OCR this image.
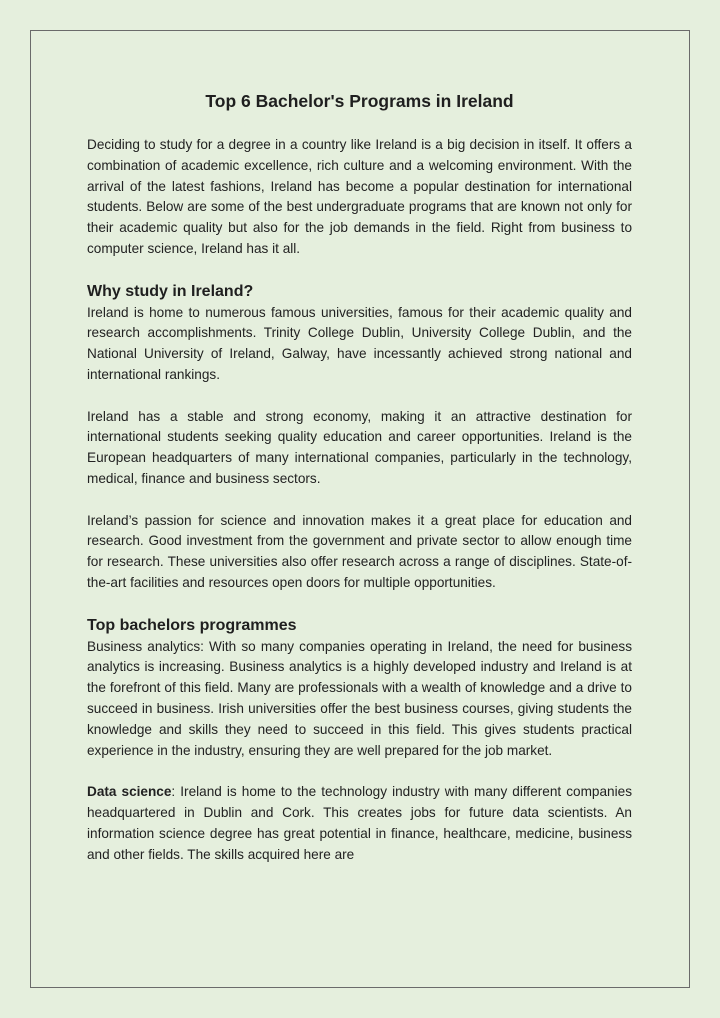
Top 6 Bachelor's Programs in Ireland

Deciding to study for a degree in a country like Ireland is a big decision in itself. It offers a combination of academic excellence, rich culture and a welcoming environment. With the arrival of the latest fashions, Ireland has become a popular destination for international students. Below are some of the best undergraduate programs that are known not only for their academic quality but also for the job demands in the field. Right from business to computer science, Ireland has it all.

Why study in Ireland?

Ireland is home to numerous famous universities, famous for their academic quality and research accomplishments. Trinity College Dublin, University College Dublin, and the National University of Ireland, Galway, have incessantly achieved strong national and international rankings.

Ireland has a stable and strong economy, making it an attractive destination for international students seeking quality education and career opportunities. Ireland is the European headquarters of many international companies, particularly in the technology, medical, finance and business sectors.

Ireland’s passion for science and innovation makes it a great place for education and research. Good investment from the government and private sector to allow enough time for research. These universities also offer research across a range of disciplines. State-of-the-art facilities and resources open doors for multiple opportunities.

Top bachelors programmes

Business analytics: With so many companies operating in Ireland, the need for business analytics is increasing. Business analytics is a highly developed industry and Ireland is at the forefront of this field. Many are professionals with a wealth of knowledge and a drive to succeed in business. Irish universities offer the best business courses, giving students the knowledge and skills they need to succeed in this field. This gives students practical experience in the industry, ensuring they are well prepared for the job market.

Data science: Ireland is home to the technology industry with many different companies headquartered in Dublin and Cork. This creates jobs for future data scientists. An information science degree has great potential in finance, healthcare, medicine, business and other fields. The skills acquired here are
